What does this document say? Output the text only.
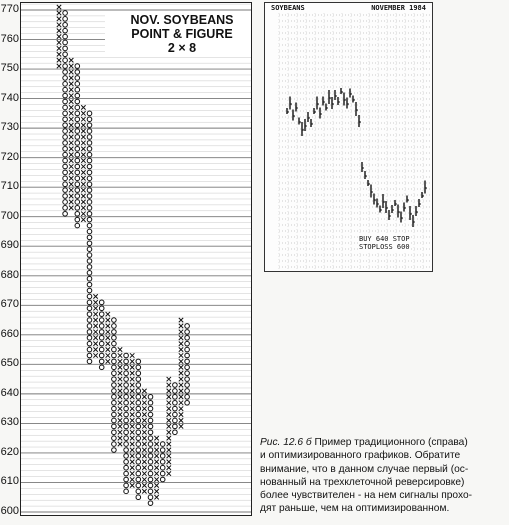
NOV. SOYBEANS
POINT & FIGURE
2 × 8
SOYBEANS	NOVEMBER 1984
BUY 640 STOP
STOPLOSS 600
Рис. 12.6 б Пример традиционного (справа)
и оптимизированного графиков. Обратите
внимание, что в данном случае первый (ос-
нованный на трехклеточной реверсировке)
более чувствителен - на нем сигналы прохо-
дят раньше, чем на оптимизированном.
600
610
620
630
640
650
660
670
680
690
700
710
720
730
740
750
760
770
